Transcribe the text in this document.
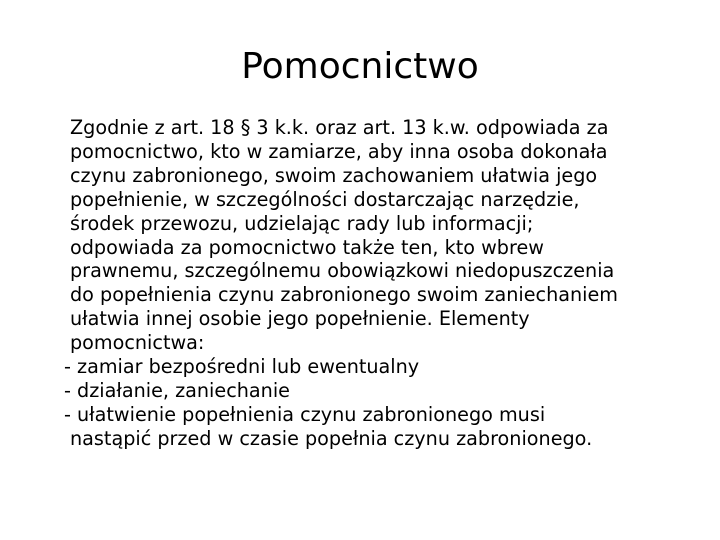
Pomocnictwo
Zgodnie z art. 18 § 3 k.k. oraz art. 13 k.w. odpowiada za
pomocnictwo, kto w zamiarze, aby inna osoba dokonała
czynu zabronionego, swoim zachowaniem ułatwia jego
popełnienie, w szczególności dostarczając narzędzie,
środek przewozu, udzielając rady lub informacji;
odpowiada za pomocnictwo także ten, kto wbrew
prawnemu, szczególnemu obowiązkowi niedopuszczenia
do popełnienia czynu zabronionego swoim zaniechaniem
ułatwia innej osobie jego popełnienie. Elementy
pomocnictwa:
- zamiar bezpośredni lub ewentualny
- działanie, zaniechanie
- ułatwienie popełnienia czynu zabronionego musi
nastąpić przed w czasie popełnia czynu zabronionego.
